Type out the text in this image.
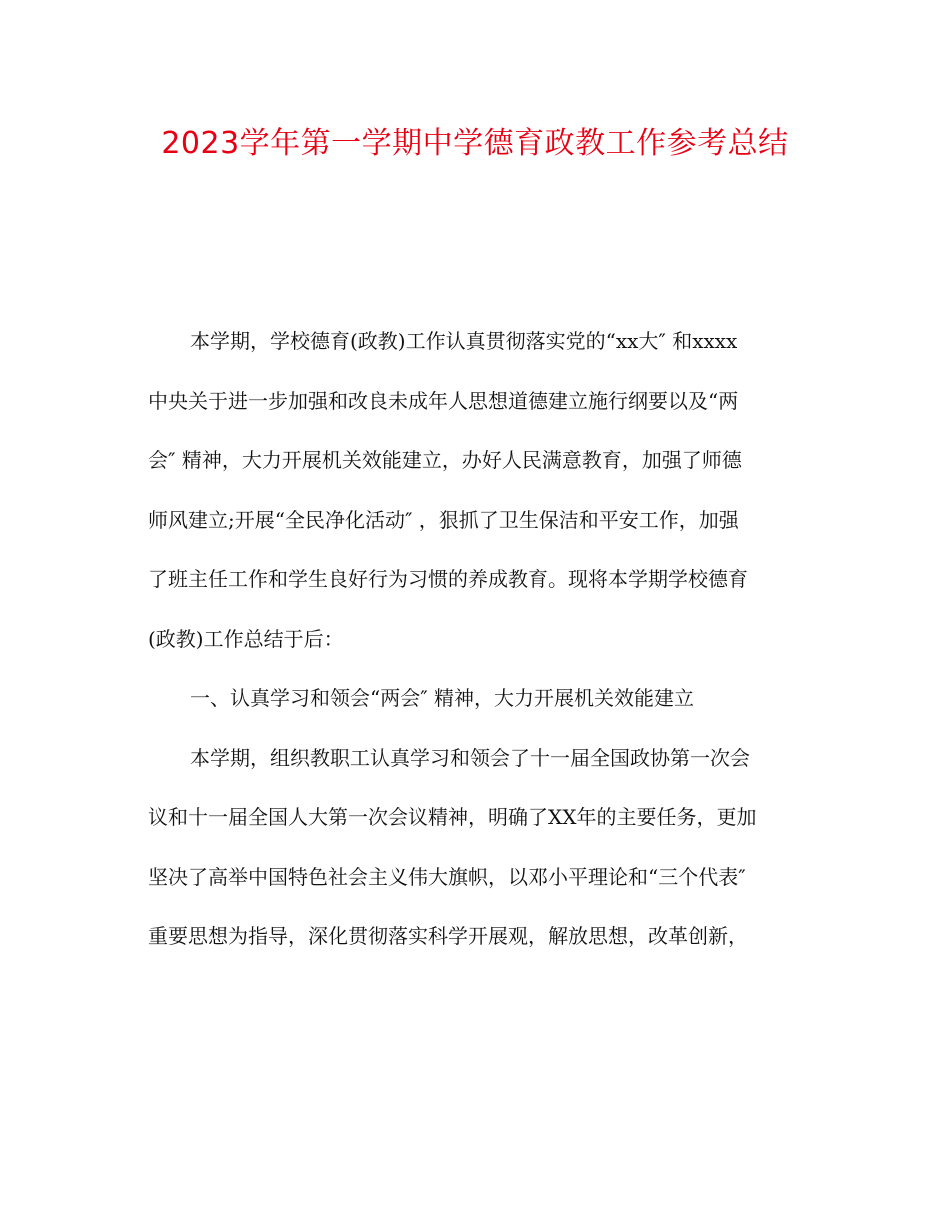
2023学年第一学期中学德育政教工作参考总结
本学期，学校德育(政教)工作认真贯彻落实党的“xx大″ 和xxxx
中央关于进一步加强和改良未成年人思想道德建立施行纲要以及“两
会″ 精神，大力开展机关效能建立，办好人民满意教育，加强了师德
师风建立;开展“全民净化活动″ ，狠抓了卫生保洁和平安工作，加强
了班主任工作和学生良好行为习惯的养成教育。现将本学期学校德育
(政教)工作总结于后：
一、认真学习和领会“两会″ 精神，大力开展机关效能建立
本学期，组织教职工认真学习和领会了十一届全国政协第一次会
议和十一届全国人大第一次会议精神，明确了XX年的主要任务，更加
坚决了高举中国特色社会主义伟大旗帜，以邓小平理论和“三个代表″
重要思想为指导，深化贯彻落实科学开展观，解放思想，改革创新，
